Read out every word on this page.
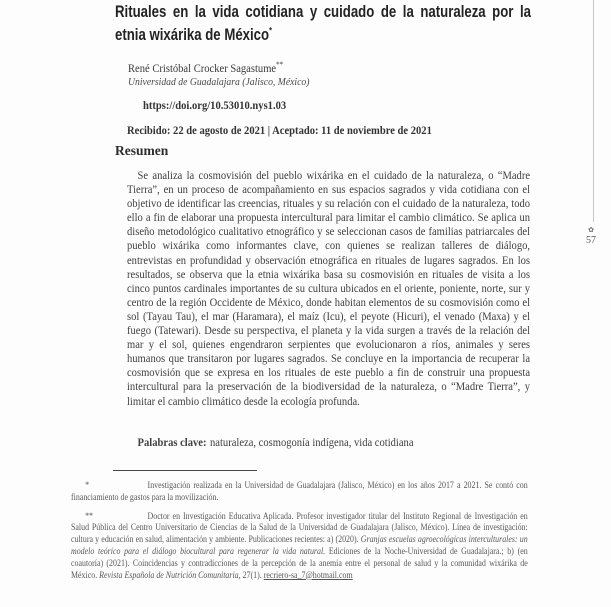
✿
57
Rituales en la vida cotidiana y cuidado de la naturaleza por la
etnia wixárika de México*
René Cristóbal Crocker Sagastume**
Universidad de Guadalajara (Jalisco, México)
https://doi.org/10.53010.nys1.03
Recibido: 22 de agosto de 2021 | Aceptado: 11 de noviembre de 2021
Resumen

Se analiza la cosmovisión del pueblo wixárika en el cuidado de la naturaleza, o “Madre Tierra”, en un proceso de acompañamiento en sus espacios sagrados y vida cotidiana con el objetivo de identificar las creencias, rituales y su relación con el cuidado de la naturaleza, todo ello a fin de elaborar una propuesta intercultural para limitar el cambio climático. Se aplica un diseño metodológico cualitativo etnográfico y se seleccionan casos de familias patriarcales del pueblo wixárika como informantes clave, con quienes se realizan talleres de diálogo, entrevistas en profundidad y observación etnográfica en rituales de lugares sagrados. En los resultados, se observa que la etnia wixárika basa su cosmovisión en rituales de visita a los cinco puntos cardinales importantes de su cultura ubicados en el oriente, poniente, norte, sur y centro de la región Occidente de México, donde habitan elementos de su cosmovisión como el sol (Tayau Tau), el mar (Haramara), el maíz (Icu), el peyote (Hicuri), el venado (Maxa) y el fuego (Tatewari). Desde su perspectiva, el planeta y la vida surgen a través de la relación del mar y el sol, quienes engendraron serpientes que evolucionaron a ríos, animales y seres humanos que transitaron por lugares sagrados. Se concluye en la importancia de recuperar la cosmovisión que se expresa en los rituales de este pueblo a fin de construir una propuesta intercultural para la preservación de la biodiversidad de la naturaleza, o “Madre Tierra”, y limitar el cambio climático desde la ecología profunda.

Palabras clave: naturaleza, cosmogonía indígena, vida cotidiana

*	Investigación realizada en la Universidad de Guadalajara (Jalisco, México) en los años 2017 a 2021. Se contó con financiamiento de gastos para la movilización.

**	Doctor en Investigación Educativa Aplicada. Profesor investigador titular del Instituto Regional de Investigación en Salud Pública del Centro Universitario de Ciencias de la Salud de la Universidad de Guadalajara (Jalisco, México). Línea de investigación: cultura y educación en salud, alimentación y ambiente. Publicaciones recientes: a) (2020). Granjas escuelas agroecológicas interculturales: un modelo teórico para el diálogo biocultural para regenerar la vida natural. Ediciones de la Noche-Universidad de Guadalajara.; b) (en coautoría) (2021). Coincidencias y contradicciones de la percepción de la anemia entre el personal de salud y la comunidad wixárika de México. Revista Española de Nutrición Comunitaria, 27(1). recriero-sa_7@hotmail.com
